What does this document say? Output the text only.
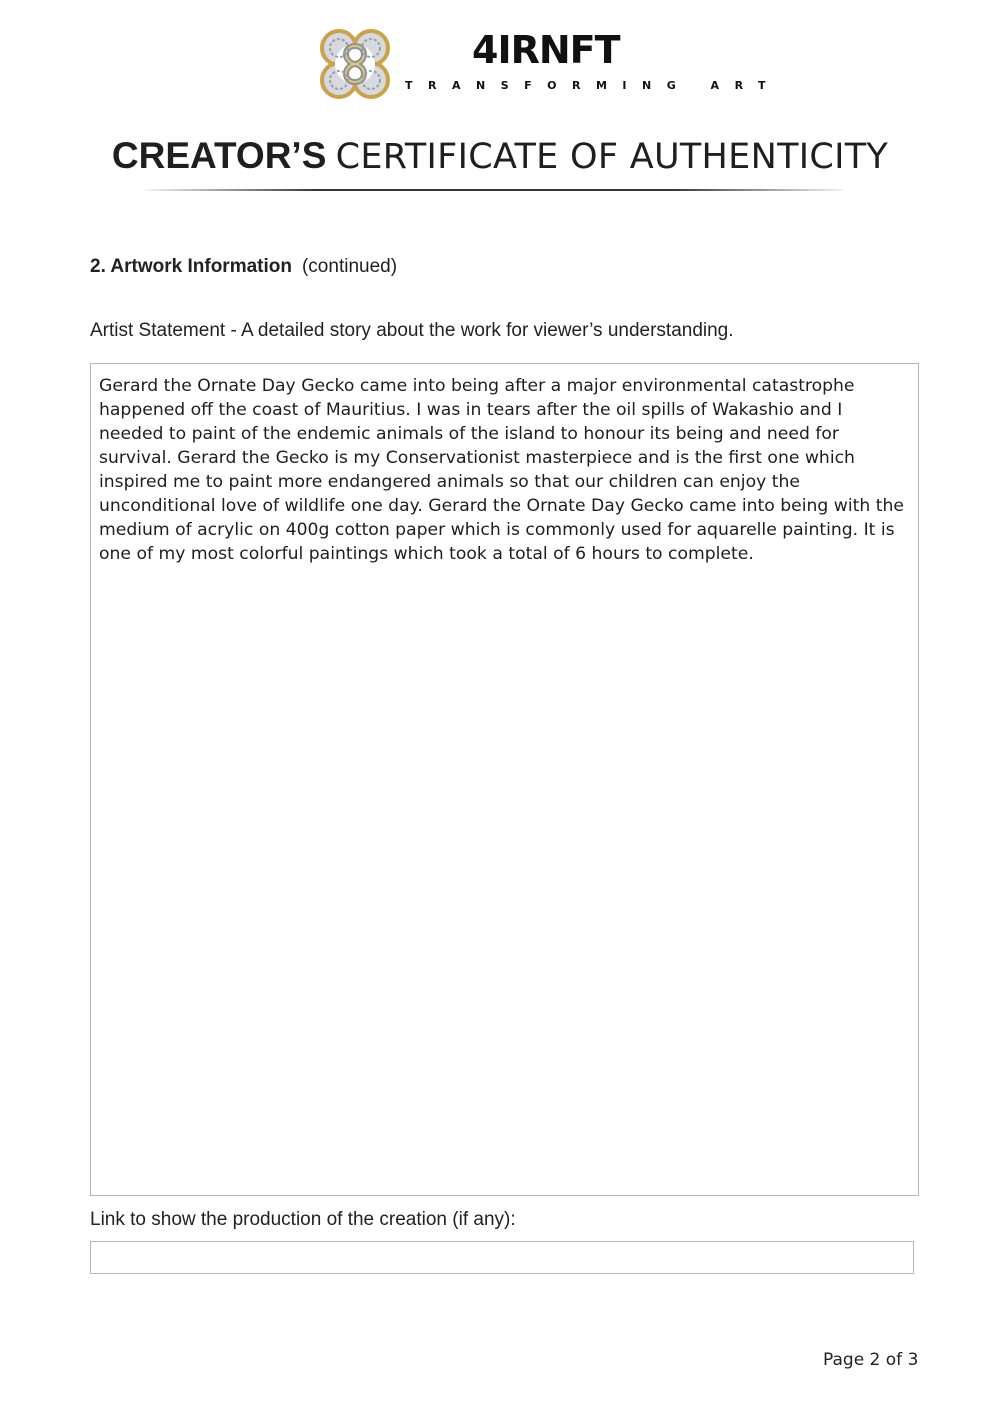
4IRNFT
TRANSFORMING ART
CREATOR’S CERTIFICATE OF AUTHENTICITY
2. Artwork Information (continued)
Artist Statement - A detailed story about the work for viewer’s understanding.
Gerard the Ornate Day Gecko came into being after a major environmental catastrophe happened off the coast of Mauritius. I was in tears after the oil spills of Wakashio and I needed to paint of the endemic animals of the island to honour its being and need for survival. Gerard the Gecko is my Conservationist masterpiece and is the first one which inspired me to paint more endangered animals so that our children can enjoy the unconditional love of wildlife one day. Gerard the Ornate Day Gecko came into being with the medium of acrylic on 400g cotton paper which is commonly used for aquarelle painting. It is one of my most colorful paintings which took a total of 6 hours to complete.
Link to show the production of the creation (if any):
Page 2 of 3
